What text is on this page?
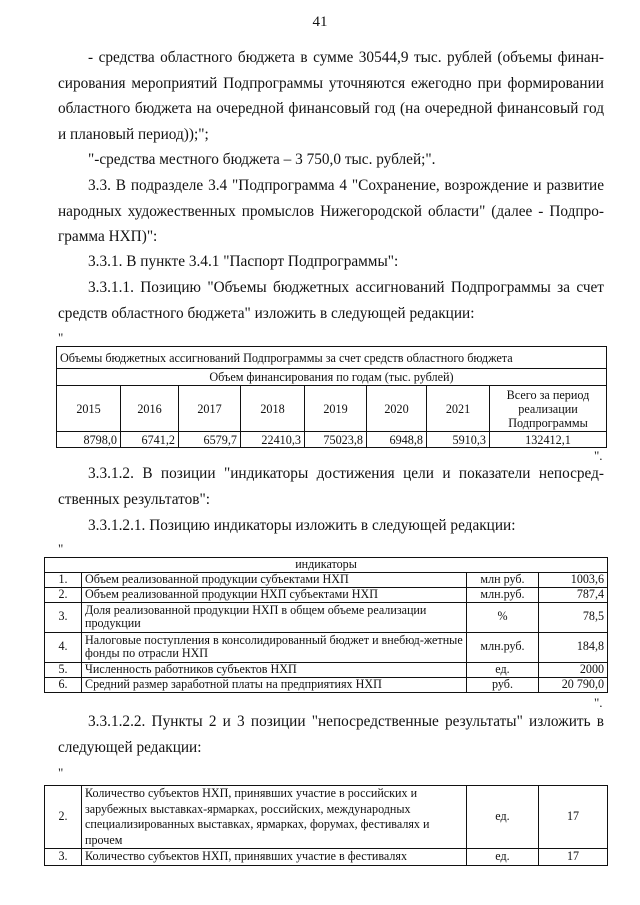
41
- средства областного бюджета в сумме 30544,9 тыс. рублей (объемы финан-сирования мероприятий Подпрограммы уточняются ежегодно при формировании областного бюджета на очередной финансовый год (на очередной финансовый год и плановый период));";
"-средства местного бюджета – 3 750,0 тыс. рублей;".
3.3. В подразделе 3.4 "Подпрограмма 4 "Сохранение, возрождение и развитие народных художественных промыслов Нижегородской области" (далее - Подпро-грамма НХП)":
3.3.1. В пункте 3.4.1 "Паспорт Подпрограммы":
3.3.1.1. Позицию "Объемы бюджетных ассигнований Подпрограммы за счет средств областного бюджета" изложить в следующей редакции:
"
Объемы бюджетных ассигнований Подпрограммы за счет средств областного бюджета							
Объем финансирования по годам (тыс. рублей)							
2015	2016	2017	2018	2019	2020	2021	Всего за период реализации Подпрограммы
8798,0	6741,2	6579,7	22410,3	75023,8	6948,8	5910,3	132412,1
".
3.3.1.2. В позиции "индикаторы достижения цели и показатели непосред-ственных результатов":
3.3.1.2.1. Позицию индикаторы изложить в следующей редакции:
"
индикаторы			
1.	Объем реализованной продукции субъектами НХП	млн руб.	1003,6
2.	Объем реализованной продукции НХП субъектами НХП	млн.руб.	787,4
3.	Доля реализованной продукции НХП в общем объеме реализации продукции	%	78,5
4.	Налоговые поступления в консолидированный бюджет и внебюд-жетные фонды по отрасли НХП	млн.руб.	184,8
5.	Численность работников субъектов НХП	ед.	2000
6.	Средний размер заработной платы на предприятиях НХП	руб.	20 790,0
".
3.3.1.2.2. Пункты 2 и 3 позиции "непосредственные результаты" изложить в следующей редакции:
"
2.	Количество субъектов НХП, принявших участие в российских и зарубежных выставках-ярмарках, российских, международных специализированных выставках, ярмарках, форумах, фестивалях и прочем	ед.	17
3.	Количество субъектов НХП, принявших участие в фестивалях	ед.	17
